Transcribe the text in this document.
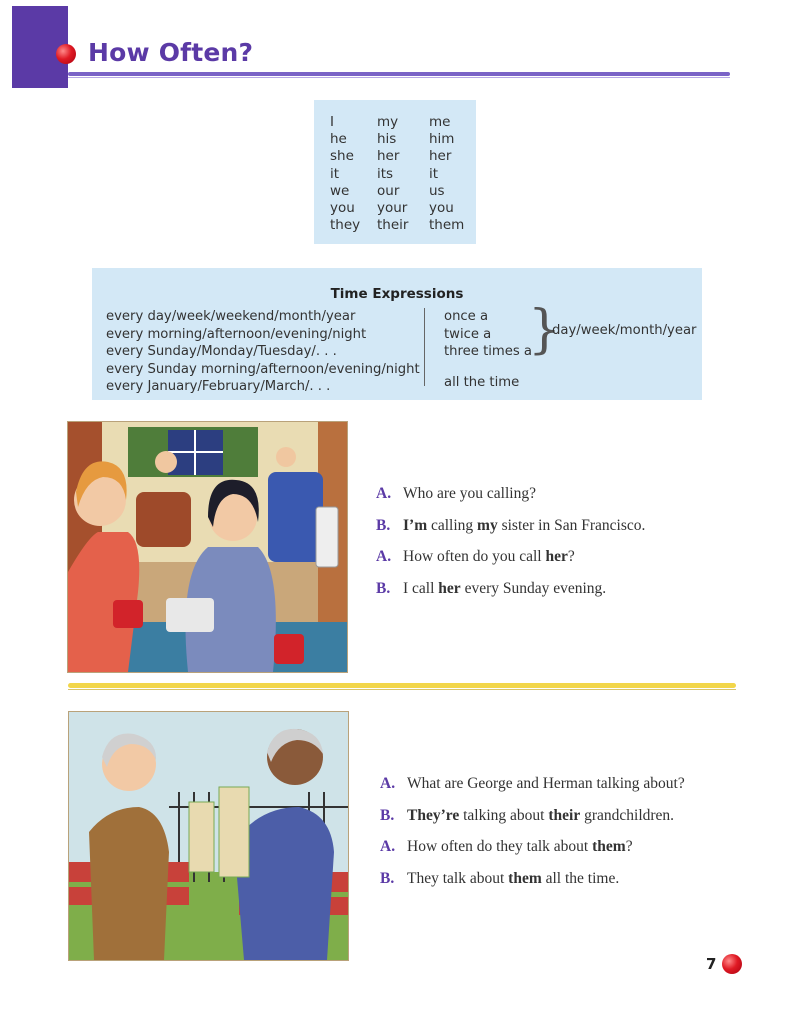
How Often?
I
he
she
it
we
you
they
my
his
her
its
our
your
their
me
him
her
it
us
you
them
Time Expressions
every day/week/weekend/month/year
every morning/afternoon/evening/night
every Sunday/Monday/Tuesday/. . .
every Sunday morning/afternoon/evening/night
every January/February/March/. . .
once a
twice a
three times a
}
day/week/month/year
all the time
A. Who are you calling?
B. I’m calling my sister in San Francisco.
A. How often do you call her?
B. I call her every Sunday evening.
A. What are George and Herman talking about?
B. They’re talking about their grandchildren.
A. How often do they talk about them?
B. They talk about them all the time.
7
